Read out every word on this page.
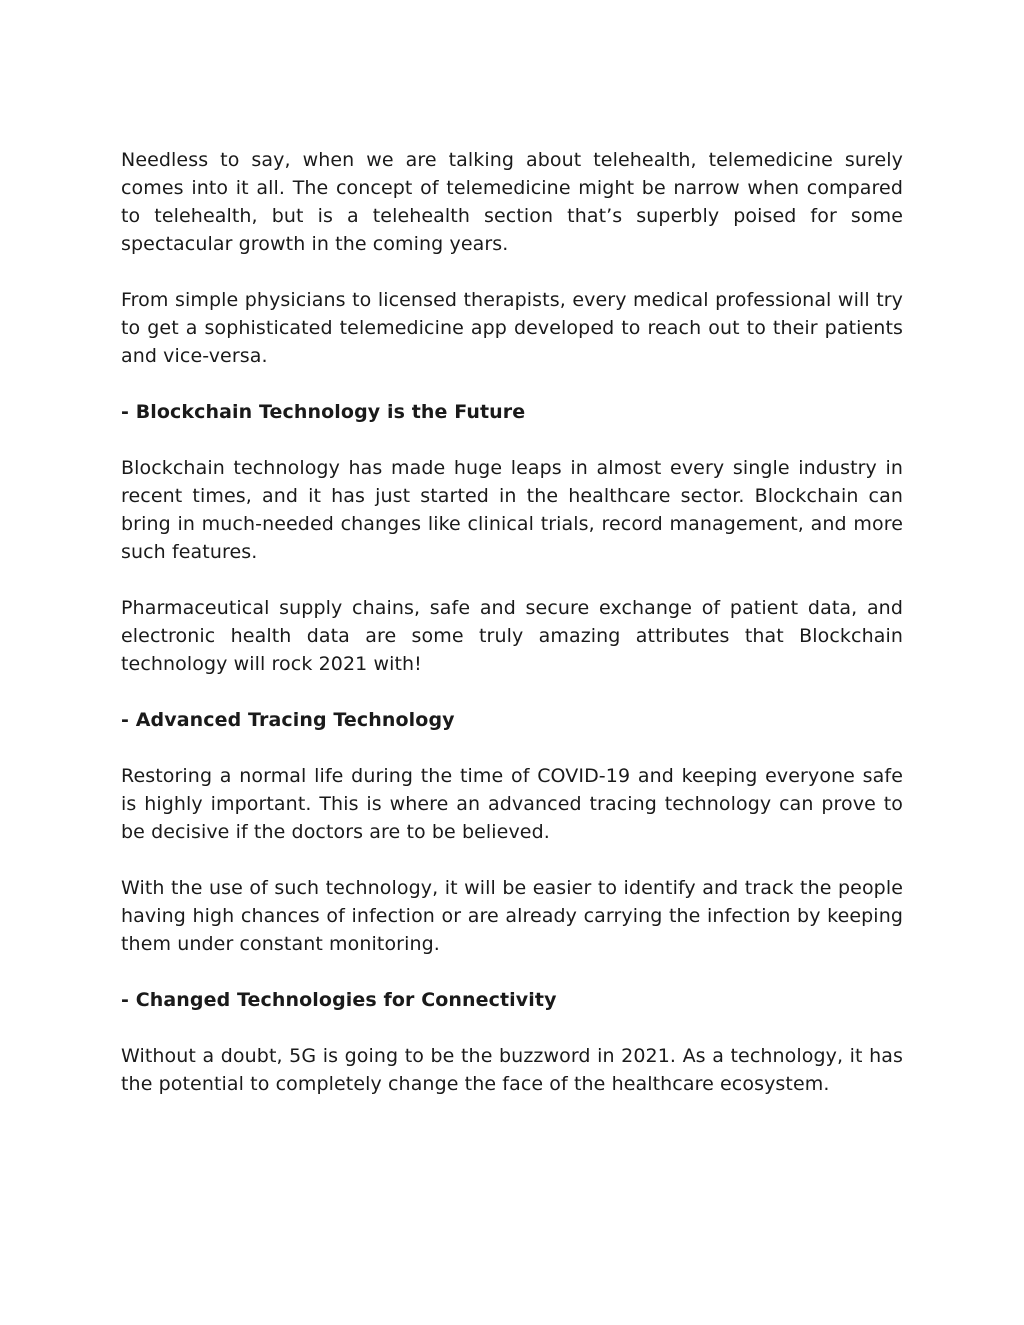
Needless to say, when we are talking about telehealth, telemedicine surely comes into it all. The concept of telemedicine might be narrow when compared to telehealth, but is a telehealth section that’s superbly poised for some spectacular growth in the coming years.

From simple physicians to licensed therapists, every medical professional will try to get a sophisticated telemedicine app developed to reach out to their patients and vice-versa.

- Blockchain Technology is the Future

Blockchain technology has made huge leaps in almost every single industry in recent times, and it has just started in the healthcare sector. Blockchain can bring in much-needed changes like clinical trials, record management, and more such features.

Pharmaceutical supply chains, safe and secure exchange of patient data, and electronic health data are some truly amazing attributes that Blockchain technology will rock 2021 with!

- Advanced Tracing Technology

Restoring a normal life during the time of COVID-19 and keeping everyone safe is highly important. This is where an advanced tracing technology can prove to be decisive if the doctors are to be believed.

With the use of such technology, it will be easier to identify and track the people having high chances of infection or are already carrying the infection by keeping them under constant monitoring.

- Changed Technologies for Connectivity

Without a doubt, 5G is going to be the buzzword in 2021. As a technology, it has the potential to completely change the face of the healthcare ecosystem.
